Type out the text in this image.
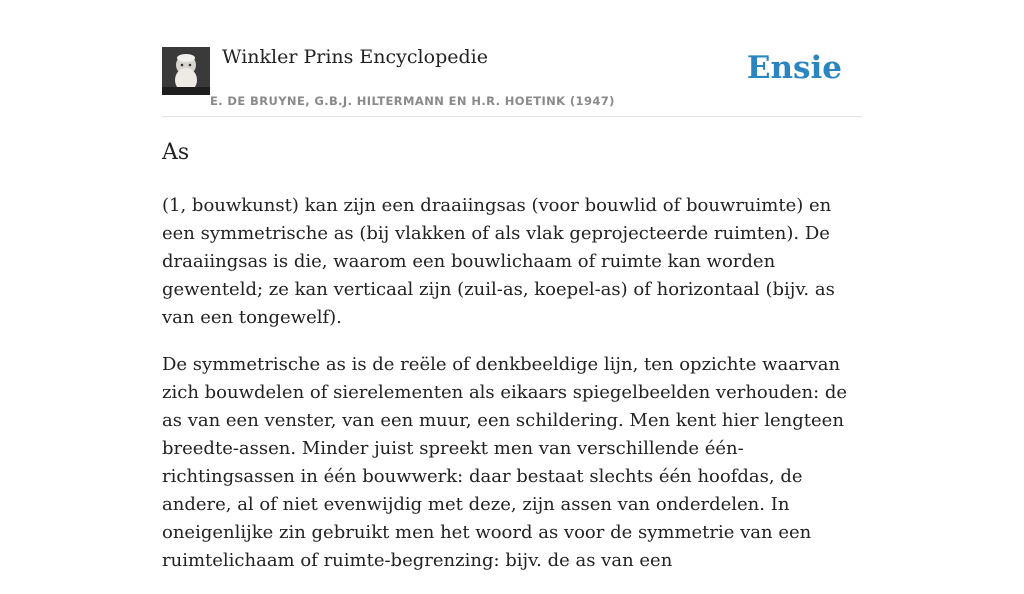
Winkler Prins Encyclopedie
E. DE BRUYNE, G.B.J. HILTERMANN EN H.R. HOETINK (1947)
Ensie
As

(1, bouwkunst) kan zijn een draaiingsas (voor bouwlid of bouwruimte) en een symmetrische as (bij vlakken of als vlak geprojecteerde ruimten). De draaiingsas is die, waarom een bouwlichaam of ruimte kan worden gewenteld; ze kan verticaal zijn (zuil-as, koepel-as) of horizontaal (bijv. as van een tongewelf).

De symmetrische as is de reële of denkbeeldige lijn, ten opzichte waarvan zich bouwdelen of sierelementen als eikaars spiegelbeelden verhouden: de as van een venster, van een muur, een schildering. Men kent hier lengteen breedte-assen. Minder juist spreekt men van verschillende één-richtingsassen in één bouwwerk: daar bestaat slechts één hoofdas, de andere, al of niet evenwijdig met deze, zijn assen van onderdelen. In oneigenlijke zin gebruikt men het woord as voor de symmetrie van een ruimtelichaam of ruimte-begrenzing: bijv. de as van een
